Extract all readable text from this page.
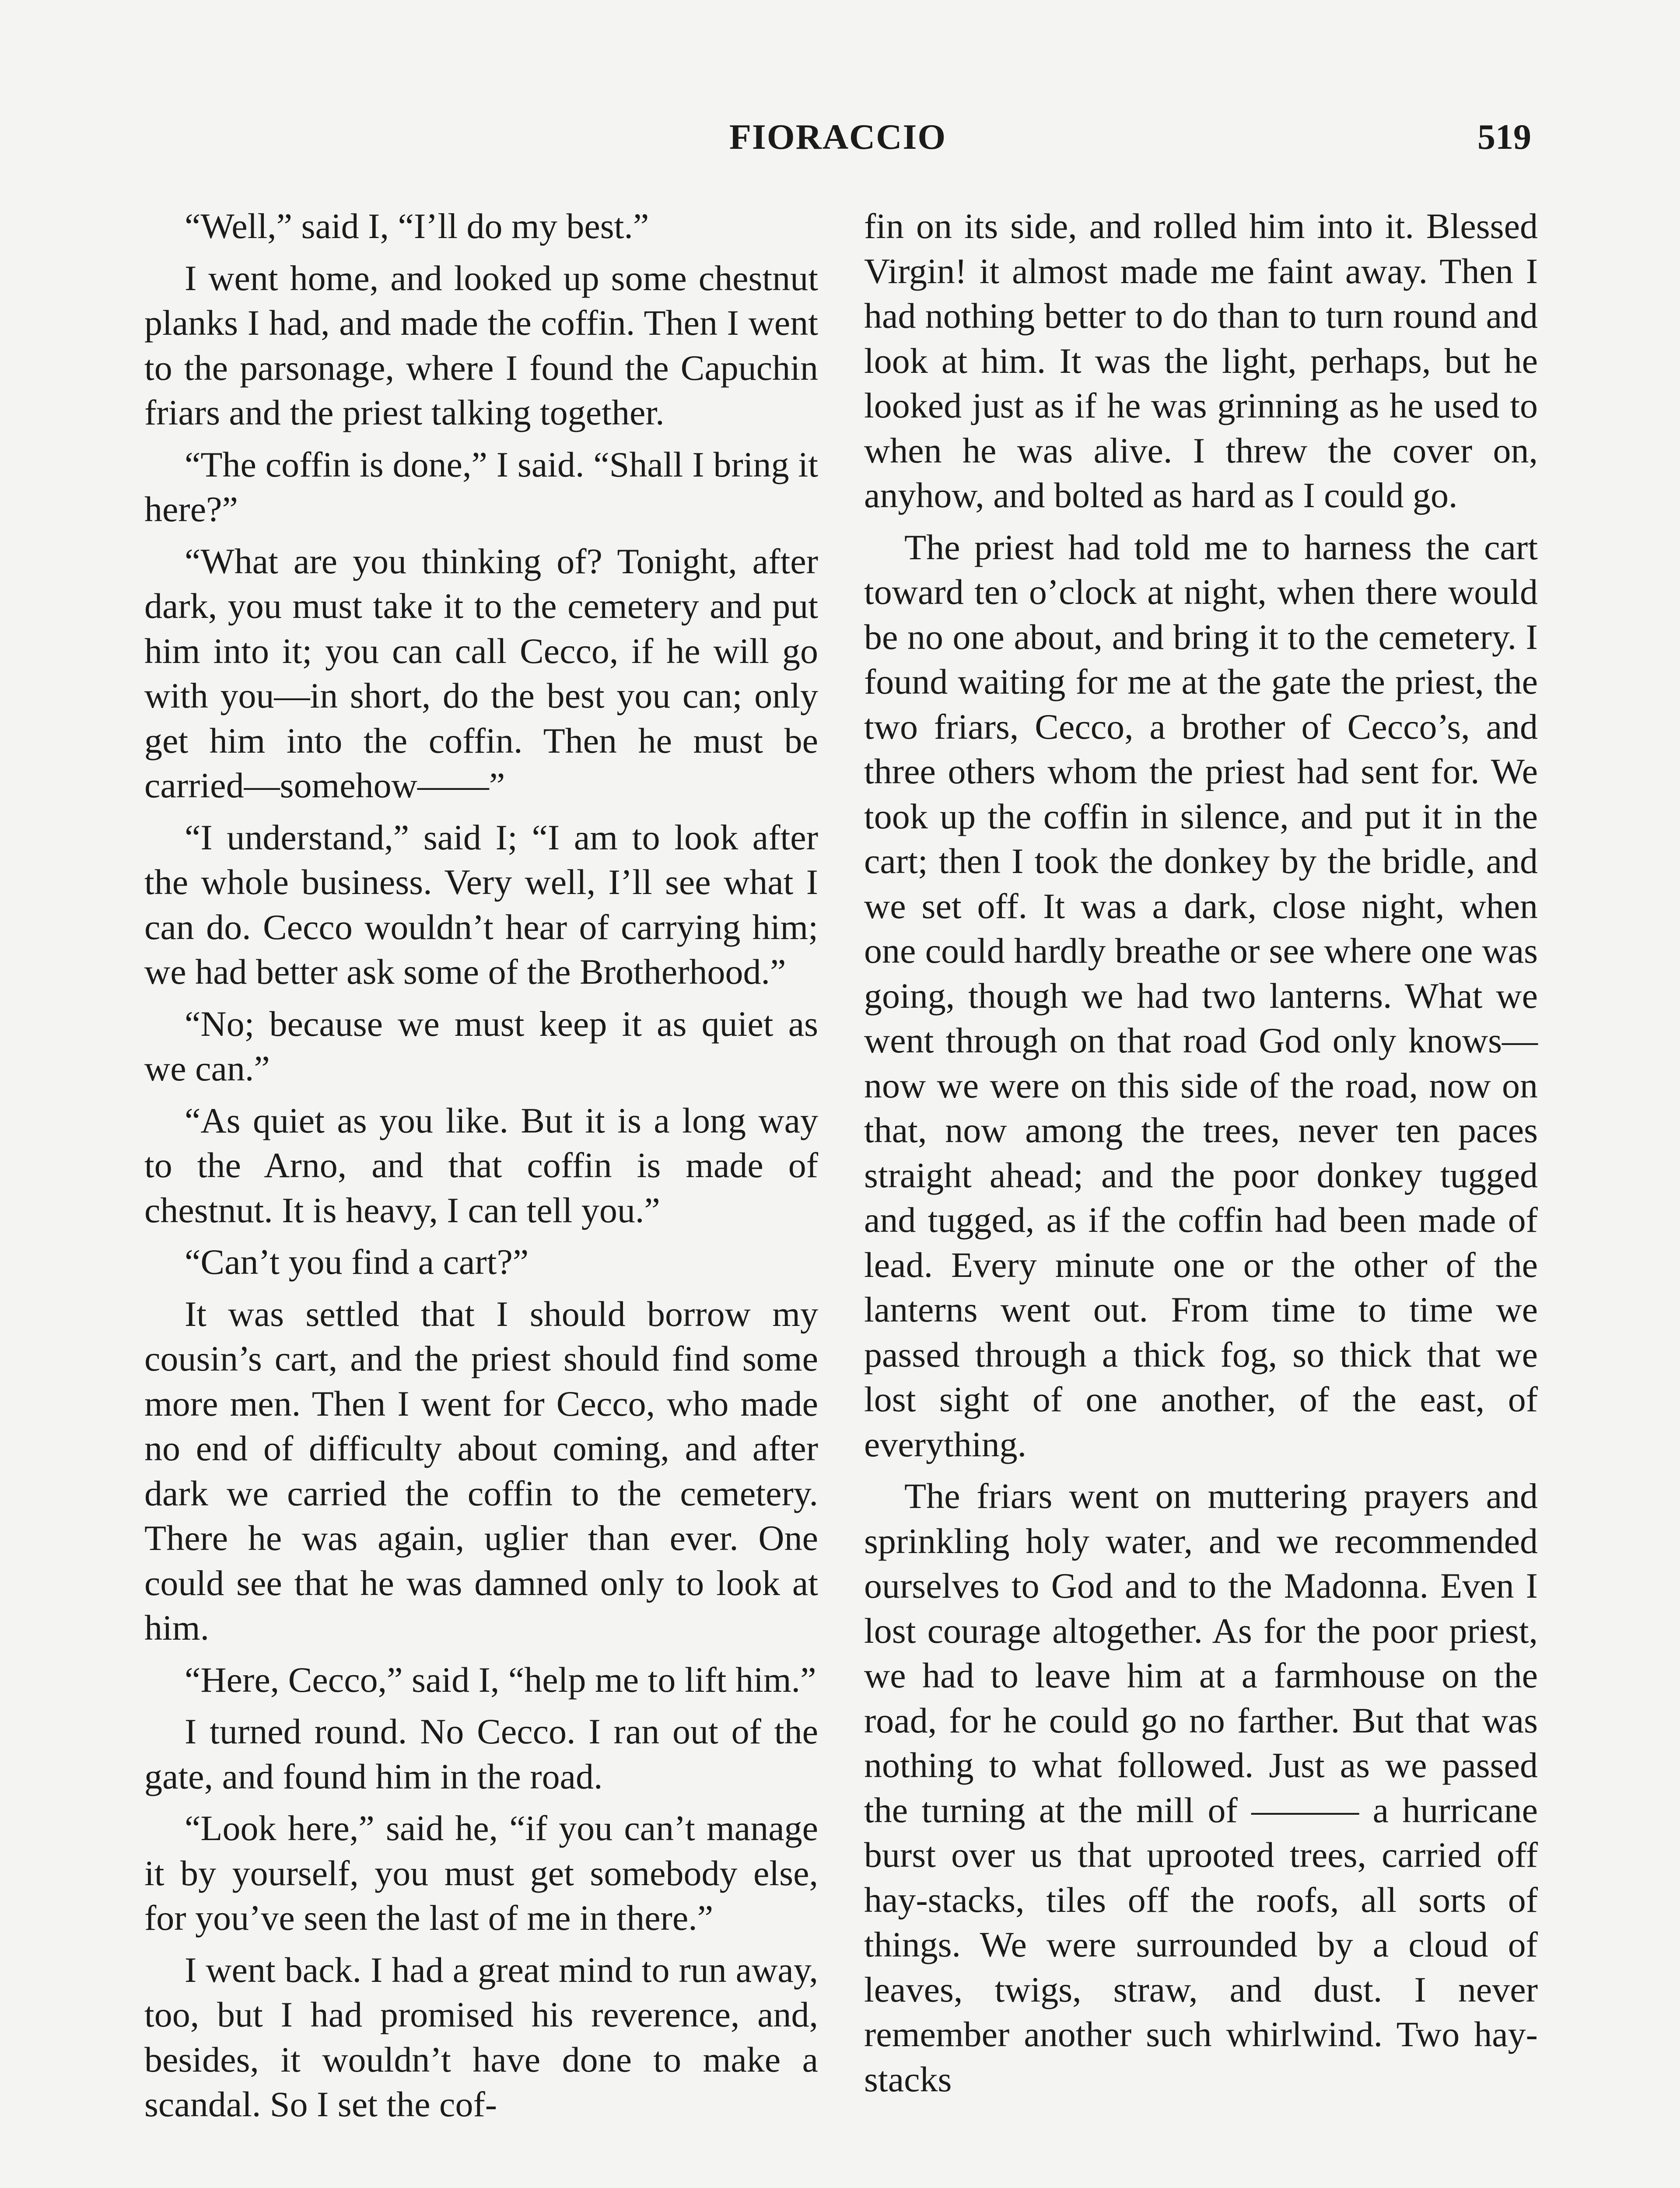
FIORACCIO	519

“Well,” said I, “I’ll do my best.”

I went home, and looked up some chestnut planks I had, and made the coffin. Then I went to the parsonage, where I found the Capuchin friars and the priest talking together.

“The coffin is done,” I said. “Shall I bring it here?”

“What are you thinking of? Tonight, after dark, you must take it to the cemetery and put him into it; you can call Cecco, if he will go with you—in short, do the best you can; only get him into the coffin. Then he must be carried—somehow——”

“I understand,” said I; “I am to look after the whole business. Very well, I’ll see what I can do. Cecco wouldn’t hear of carrying him; we had better ask some of the Brotherhood.”

“No; because we must keep it as quiet as we can.”

“As quiet as you like. But it is a long way to the Arno, and that coffin is made of chestnut. It is heavy, I can tell you.”

“Can’t you find a cart?”

It was settled that I should borrow my cousin’s cart, and the priest should find some more men. Then I went for Cecco, who made no end of difficulty about coming, and after dark we carried the coffin to the cemetery. There he was again, uglier than ever. One could see that he was damned only to look at him.

“Here, Cecco,” said I, “help me to lift him.”

I turned round. No Cecco. I ran out of the gate, and found him in the road.

“Look here,” said he, “if you can’t manage it by yourself, you must get somebody else, for you’ve seen the last of me in there.”

I went back. I had a great mind to run away, too, but I had promised his reverence, and, besides, it wouldn’t have done to make a scandal. So I set the cof-

fin on its side, and rolled him into it. Blessed Virgin! it almost made me faint away. Then I had nothing better to do than to turn round and look at him. It was the light, perhaps, but he looked just as if he was grinning as he used to when he was alive. I threw the cover on, anyhow, and bolted as hard as I could go.

The priest had told me to harness the cart toward ten o’clock at night, when there would be no one about, and bring it to the cemetery. I found waiting for me at the gate the priest, the two friars, Cecco, a brother of Cecco’s, and three others whom the priest had sent for. We took up the coffin in silence, and put it in the cart; then I took the donkey by the bridle, and we set off. It was a dark, close night, when one could hardly breathe or see where one was going, though we had two lanterns. What we went through on that road God only knows—now we were on this side of the road, now on that, now among the trees, never ten paces straight ahead; and the poor donkey tugged and tugged, as if the coffin had been made of lead. Every minute one or the other of the lanterns went out. From time to time we passed through a thick fog, so thick that we lost sight of one another, of the east, of everything.

The friars went on muttering prayers and sprinkling holy water, and we recommended ourselves to God and to the Madonna. Even I lost courage altogether. As for the poor priest, we had to leave him at a farmhouse on the road, for he could go no farther. But that was nothing to what followed. Just as we passed the turning at the mill of ——— a hurricane burst over us that uprooted trees, carried off hay-stacks, tiles off the roofs, all sorts of things. We were surrounded by a cloud of leaves, twigs, straw, and dust. I never remember another such whirlwind. Two hay-stacks
